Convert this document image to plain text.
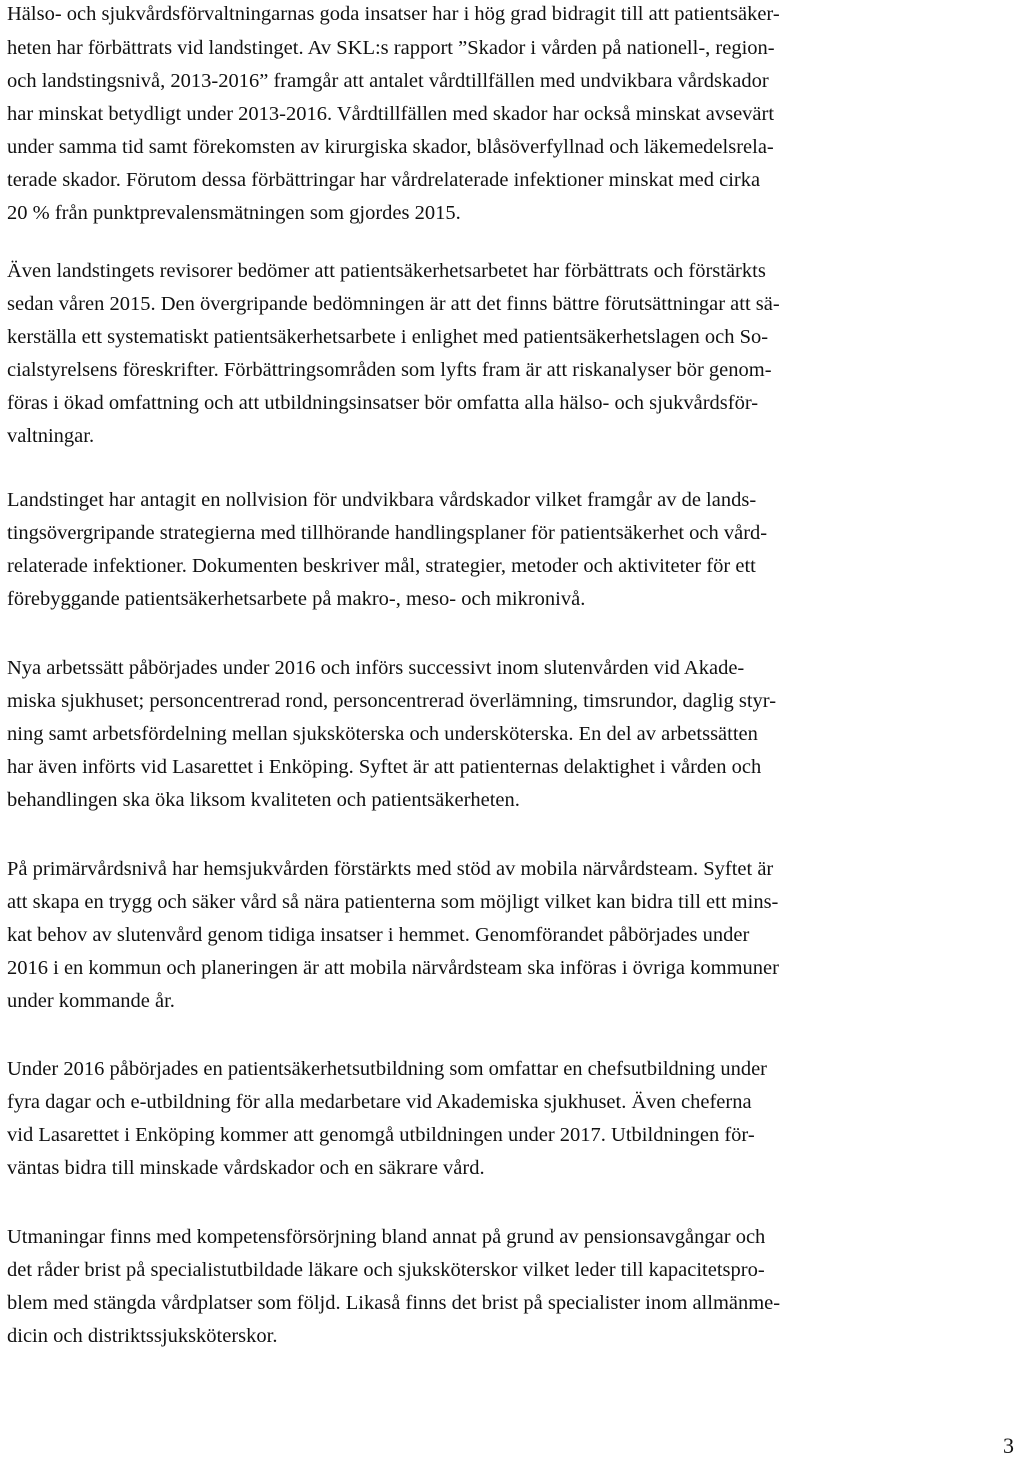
Hälso- och sjukvårdsförvaltningarnas goda insatser har i hög grad bidragit till att patientsäker-

heten har förbättrats vid landstinget. Av SKL:s rapport ”Skador i vården på nationell-, region-

och landstingsnivå, 2013-2016” framgår att antalet vårdtillfällen med undvikbara vårdskador

har minskat betydligt under 2013-2016. Vårdtillfällen med skador har också minskat avsevärt

under samma tid samt förekomsten av kirurgiska skador, blåsöverfyllnad och läkemedelsrela-

terade skador. Förutom dessa förbättringar har vårdrelaterade infektioner minskat med cirka

20 % från punktprevalensmätningen som gjordes 2015.

Även landstingets revisorer bedömer att patientsäkerhetsarbetet har förbättrats och förstärkts

sedan våren 2015. Den övergripande bedömningen är att det finns bättre förutsättningar att sä-

kerställa ett systematiskt patientsäkerhetsarbete i enlighet med patientsäkerhetslagen och So-

cialstyrelsens föreskrifter. Förbättringsområden som lyfts fram är att riskanalyser bör genom-

föras i ökad omfattning och att utbildningsinsatser bör omfatta alla hälso- och sjukvårdsför-

valtningar.

Landstinget har antagit en nollvision för undvikbara vårdskador vilket framgår av de lands-

tingsövergripande strategierna med tillhörande handlingsplaner för patientsäkerhet och vård-

relaterade infektioner. Dokumenten beskriver mål, strategier, metoder och aktiviteter för ett

förebyggande patientsäkerhetsarbete på makro-, meso- och mikronivå.

Nya arbetssätt påbörjades under 2016 och införs successivt inom slutenvården vid Akade-

miska sjukhuset; personcentrerad rond, personcentrerad överlämning, timsrundor, daglig styr-

ning samt arbetsfördelning mellan sjuksköterska och undersköterska. En del av arbetssätten

har även införts vid Lasarettet i Enköping. Syftet är att patienternas delaktighet i vården och

behandlingen ska öka liksom kvaliteten och patientsäkerheten.

På primärvårdsnivå har hemsjukvården förstärkts med stöd av mobila närvårdsteam. Syftet är

att skapa en trygg och säker vård så nära patienterna som möjligt vilket kan bidra till ett mins-

kat behov av slutenvård genom tidiga insatser i hemmet. Genomförandet påbörjades under

2016 i en kommun och planeringen är att mobila närvårdsteam ska införas i övriga kommuner

under kommande år.

Under 2016 påbörjades en patientsäkerhetsutbildning som omfattar en chefsutbildning under

fyra dagar och e-utbildning för alla medarbetare vid Akademiska sjukhuset. Även cheferna

vid Lasarettet i Enköping kommer att genomgå utbildningen under 2017. Utbildningen för-

väntas bidra till minskade vårdskador och en säkrare vård.

Utmaningar finns med kompetensförsörjning bland annat på grund av pensionsavgångar och

det råder brist på specialistutbildade läkare och sjuksköterskor vilket leder till kapacitetspro-

blem med stängda vårdplatser som följd. Likaså finns det brist på specialister inom allmänme-

dicin och distriktssjuksköterskor.

3
